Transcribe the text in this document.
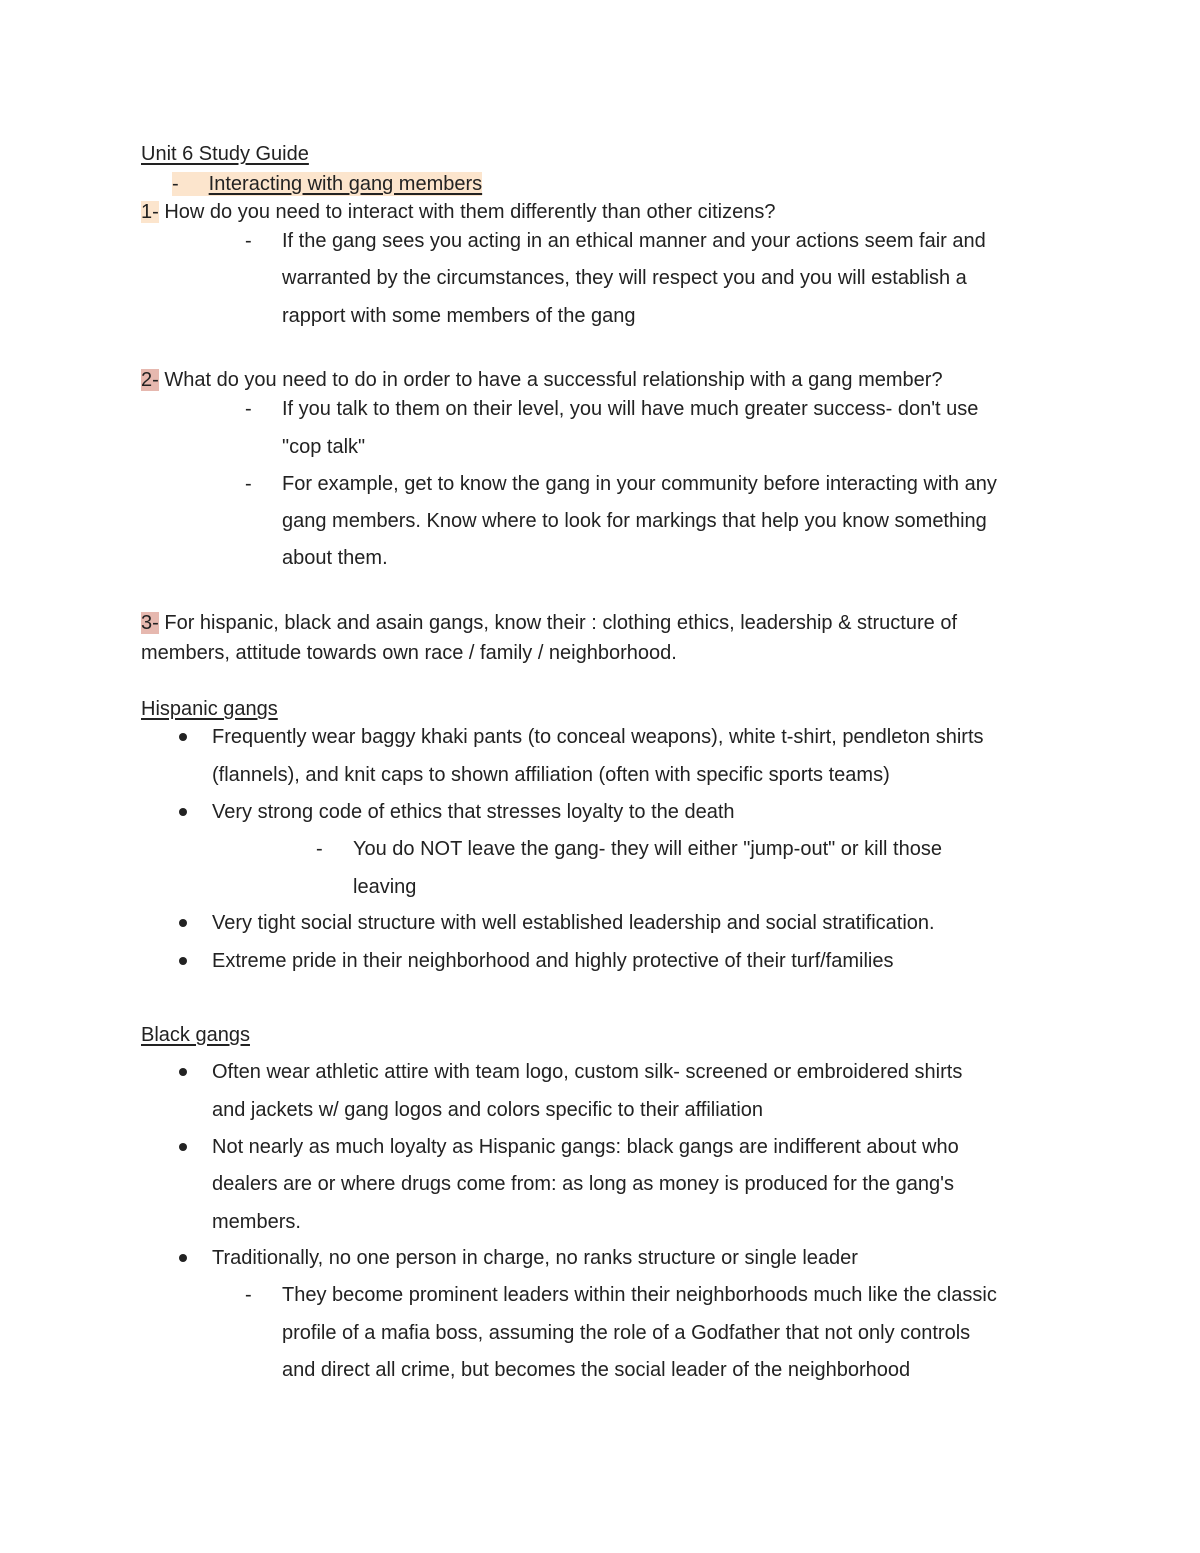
Unit 6 Study Guide
- Interacting with gang members
1- How do you need to interact with them differently than other citizens?
- If the gang sees you acting in an ethical manner and your actions seem fair and
warranted by the circumstances, they will respect you and you will establish a
rapport with some members of the gang
2- What do you need to do in order to have a successful relationship with a gang member?
- If you talk to them on their level, you will have much greater success- don't use
"cop talk"
- For example, get to know the gang in your community before interacting with any
gang members. Know where to look for markings that help you know something
about them.
3- For hispanic, black and asain gangs, know their : clothing ethics, leadership & structure of
members, attitude towards own race / family / neighborhood.
Hispanic gangs
Frequently wear baggy khaki pants (to conceal weapons), white t-shirt, pendleton shirts
(flannels), and knit caps to shown affiliation (often with specific sports teams)
Very strong code of ethics that stresses loyalty to the death
- You do NOT leave the gang- they will either "jump-out" or kill those
leaving
Very tight social structure with well established leadership and social stratification.
Extreme pride in their neighborhood and highly protective of their turf/families
Black gangs
Often wear athletic attire with team logo, custom silk- screened or embroidered shirts
and jackets w/ gang logos and colors specific to their affiliation
Not nearly as much loyalty as Hispanic gangs: black gangs are indifferent about who
dealers are or where drugs come from: as long as money is produced for the gang's
members.
Traditionally, no one person in charge, no ranks structure or single leader
- They become prominent leaders within their neighborhoods much like the classic
profile of a mafia boss, assuming the role of a Godfather that not only controls
and direct all crime, but becomes the social leader of the neighborhood
